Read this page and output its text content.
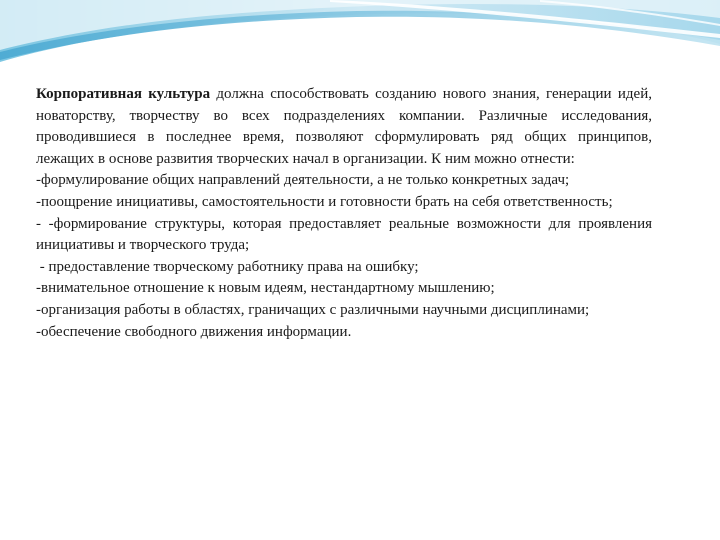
Корпоративная культура должна способствовать созданию нового знания, генерации идей, новаторству, творчеству во всех подразделениях компании. Различные исследования, проводившиеся в последнее время, позволяют сформулировать ряд общих принципов, лежащих в основе развития творческих начал в организации. К ним можно отнести:

-формулирование общих направлений деятельности, а не только конкретных задач;

-поощрение инициативы, самостоятельности и готовности брать на себя ответственность;

- -формирование структуры, которая предоставляет реальные возможности для проявления инициативы и творческого труда;

- предоставление творческому работнику права на ошибку;

-внимательное отношение к новым идеям, нестандартному мышлению;

-организация работы в областях, граничащих с различными научными дисциплинами;

-обеспечение свободного движения информации.
